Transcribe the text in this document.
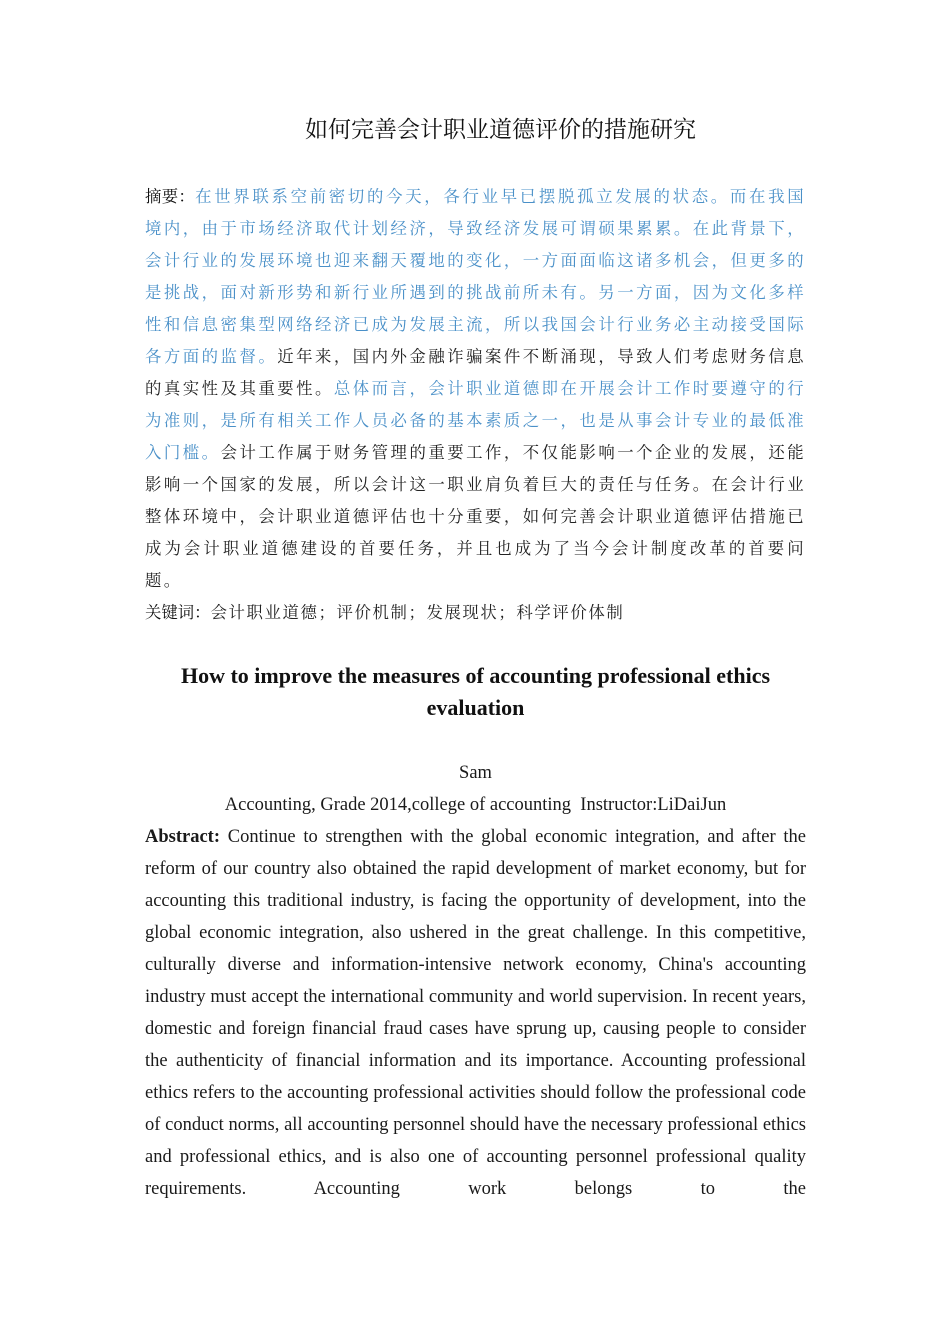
如何完善会计职业道德评价的措施研究
摘要：在世界联系空前密切的今天，各行业早已摆脱孤立发展的状态。而在我国境内，由于市场经济取代计划经济，导致经济发展可谓硕果累累。在此背景下，会计行业的发展环境也迎来翻天覆地的变化，一方面面临这诸多机会，但更多的是挑战，面对新形势和新行业所遇到的挑战前所未有。另一方面，因为文化多样性和信息密集型网络经济已成为发展主流，所以我国会计行业务必主动接受国际各方面的监督。近年来，国内外金融诈骗案件不断涌现，导致人们考虑财务信息的真实性及其重要性。总体而言，会计职业道德即在开展会计工作时要遵守的行为准则，是所有相关工作人员必备的基本素质之一，也是从事会计专业的最低准入门槛。会计工作属于财务管理的重要工作，不仅能影响一个企业的发展，还能影响一个国家的发展，所以会计这一职业肩负着巨大的责任与任务。在会计行业整体环境中，会计职业道德评估也十分重要，如何完善会计职业道德评估措施已成为会计职业道德建设的首要任务，并且也成为了当今会计制度改革的首要问题。
关键词：会计职业道德；评价机制；发展现状；科学评价体制
How to improve the measures of accounting professional ethics evaluation
Sam
Accounting, Grade 2014,college of accounting  Instructor:LiDaiJun
Abstract: Continue to strengthen with the global economic integration, and after the reform of our country also obtained the rapid development of market economy, but for accounting this traditional industry, is facing the opportunity of development, into the global economic integration, also ushered in the great challenge. In this competitive, culturally diverse and information-intensive network economy, China's accounting industry must accept the international community and world supervision. In recent years, domestic and foreign financial fraud cases have sprung up, causing people to consider the authenticity of financial information and its importance. Accounting professional ethics refers to the accounting professional activities should follow the professional code of conduct norms, all accounting personnel should have the necessary professional ethics and professional ethics, and is also one of accounting personnel professional quality requirements. Accounting work belongs to the
